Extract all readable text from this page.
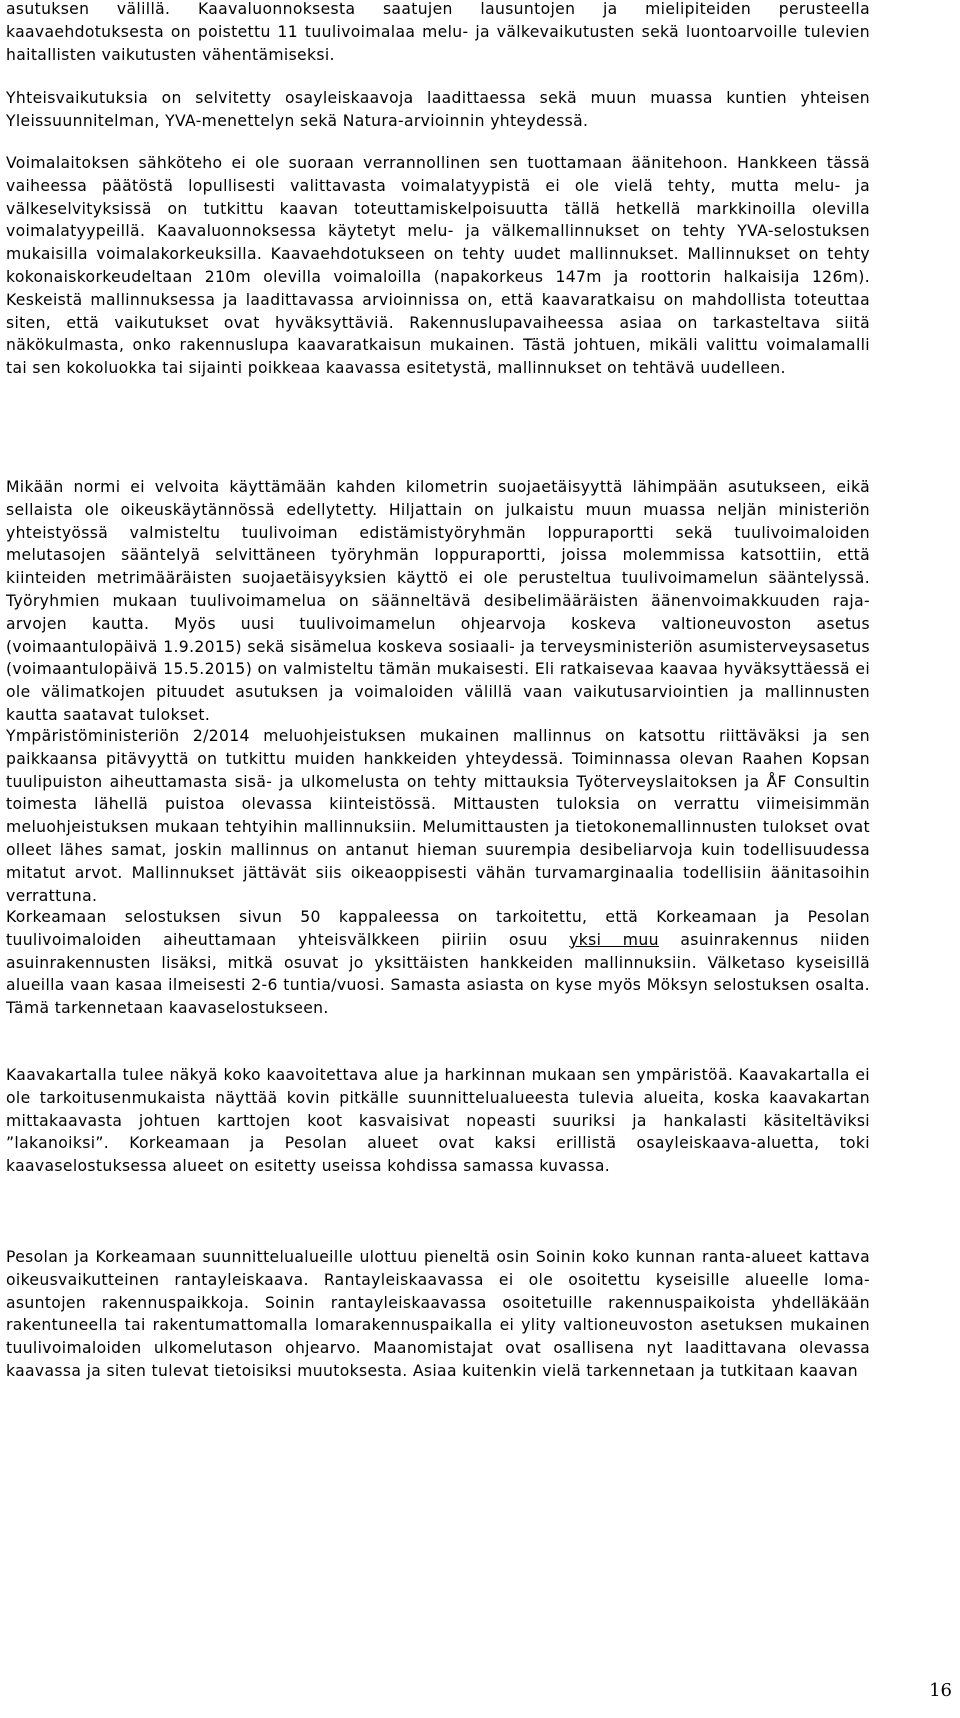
asutuksen välillä. Kaavaluonnoksesta saatujen lausuntojen ja mielipiteiden perusteella kaavaehdotuksesta on poistettu 11 tuulivoimalaa melu- ja välkevaikutusten sekä luontoarvoille tulevien haitallisten vaikutusten vähentämiseksi.

Yhteisvaikutuksia on selvitetty osayleiskaavoja laadittaessa sekä muun muassa kuntien yhteisen Yleissuunnitelman, YVA-menettelyn sekä Natura-arvioinnin yhteydessä.

Voimalaitoksen sähköteho ei ole suoraan verrannollinen sen tuottamaan äänitehoon. Hankkeen tässä vaiheessa päätöstä lopullisesti valittavasta voimalatyypistä ei ole vielä tehty, mutta melu- ja välkeselvityksissä on tutkittu kaavan toteuttamiskelpoisuutta tällä hetkellä markkinoilla olevilla voimalatyypeillä. Kaavaluonnoksessa käytetyt melu- ja välkemallinnukset on tehty YVA-selostuksen mukaisilla voimalakorkeuksilla. Kaavaehdotukseen on tehty uudet mallinnukset. Mallinnukset on tehty kokonaiskorkeudeltaan 210m olevilla voimaloilla (napakorkeus 147m ja roottorin halkaisija 126m). Keskeistä mallinnuksessa ja laadittavassa arvioinnissa on, että kaavaratkaisu on mahdollista toteuttaa siten, että vaikutukset ovat hyväksyttäviä. Rakennuslupavaiheessa asiaa on tarkasteltava siitä näkökulmasta, onko rakennuslupa kaavaratkaisun mukainen. Tästä johtuen, mikäli valittu voimalamalli tai sen kokoluokka tai sijainti poikkeaa kaavassa esitetystä, mallinnukset on tehtävä uudelleen.

Mikään normi ei velvoita käyttämään kahden kilometrin suojaetäisyyttä lähimpään asutukseen, eikä sellaista ole oikeuskäytännössä edellytetty. Hiljattain on julkaistu muun muassa neljän ministeriön yhteistyössä valmisteltu tuulivoiman edistämistyöryhmän loppuraportti sekä tuulivoimaloiden melutasojen sääntelyä selvittäneen työryhmän loppuraportti, joissa molemmissa katsottiin, että kiinteiden metrimääräisten suojaetäisyyksien käyttö ei ole perusteltua tuulivoimamelun sääntelyssä. Työryhmien mukaan tuulivoimamelua on säänneltävä desibelimääräisten äänenvoimakkuuden raja-arvojen kautta. Myös uusi tuulivoimamelun ohjearvoja koskeva valtioneuvoston asetus (voimaantulopäivä 1.9.2015) sekä sisämelua koskeva sosiaali- ja terveysministeriön asumisterveysasetus (voimaantulopäivä 15.5.2015) on valmisteltu tämän mukaisesti. Eli ratkaisevaa kaavaa hyväksyttäessä ei ole välimatkojen pituudet asutuksen ja voimaloiden välillä vaan vaikutusarviointien ja mallinnusten kautta saatavat tulokset.

Ympäristöministeriön 2/2014 meluohjeistuksen mukainen mallinnus on katsottu riittäväksi ja sen paikkaansa pitävyyttä on tutkittu muiden hankkeiden yhteydessä. Toiminnassa olevan Raahen Kopsan tuulipuiston aiheuttamasta sisä- ja ulkomelusta on tehty mittauksia Työterveyslaitoksen ja ÅF Consultin toimesta lähellä puistoa olevassa kiinteistössä. Mittausten tuloksia on verrattu viimeisimmän meluohjeistuksen mukaan tehtyihin mallinnuksiin. Melumittausten ja tietokonemallinnusten tulokset ovat olleet lähes samat, joskin mallinnus on antanut hieman suurempia desibeliarvoja kuin todellisuudessa mitatut arvot. Mallinnukset jättävät siis oikeaoppisesti vähän turvamarginaalia todellisiin äänitasoihin verrattuna.

Korkeamaan selostuksen sivun 50 kappaleessa on tarkoitettu, että Korkeamaan ja Pesolan tuulivoimaloiden aiheuttamaan yhteisvälkkeen piiriin osuu yksi muu asuinrakennus niiden asuinrakennusten lisäksi, mitkä osuvat jo yksittäisten hankkeiden mallinnuksiin. Välketaso kyseisillä alueilla vaan kasaa ilmeisesti 2-6 tuntia/vuosi. Samasta asiasta on kyse myös Möksyn selostuksen osalta. Tämä tarkennetaan kaavaselostukseen.

Kaavakartalla tulee näkyä koko kaavoitettava alue ja harkinnan mukaan sen ympäristöä. Kaavakartalla ei ole tarkoitusenmukaista näyttää kovin pitkälle suunnittelualueesta tulevia alueita, koska kaavakartan mittakaavasta johtuen karttojen koot kasvaisivat nopeasti suuriksi ja hankalasti käsiteltäviksi ”lakanoiksi”. Korkeamaan ja Pesolan alueet ovat kaksi erillistä osayleiskaava-aluetta, toki kaavaselostuksessa alueet on esitetty useissa kohdissa samassa kuvassa.

Pesolan ja Korkeamaan suunnittelualueille ulottuu pieneltä osin Soinin koko kunnan ranta-alueet kattava oikeusvaikutteinen rantayleiskaava. Rantayleiskaavassa ei ole osoitettu kyseisille alueelle loma-asuntojen rakennuspaikkoja. Soinin rantayleiskaavassa osoitetuille rakennuspaikoista yhdelläkään rakentuneella tai rakentumattomalla lomarakennuspaikalla ei ylity valtioneuvoston asetuksen mukainen tuulivoimaloiden ulkomelutason ohjearvo. Maanomistajat ovat osallisena nyt laadittavana olevassa kaavassa ja siten tulevat tietoisiksi muutoksesta. Asiaa kuitenkin vielä tarkennetaan ja tutkitaan kaavan

16
